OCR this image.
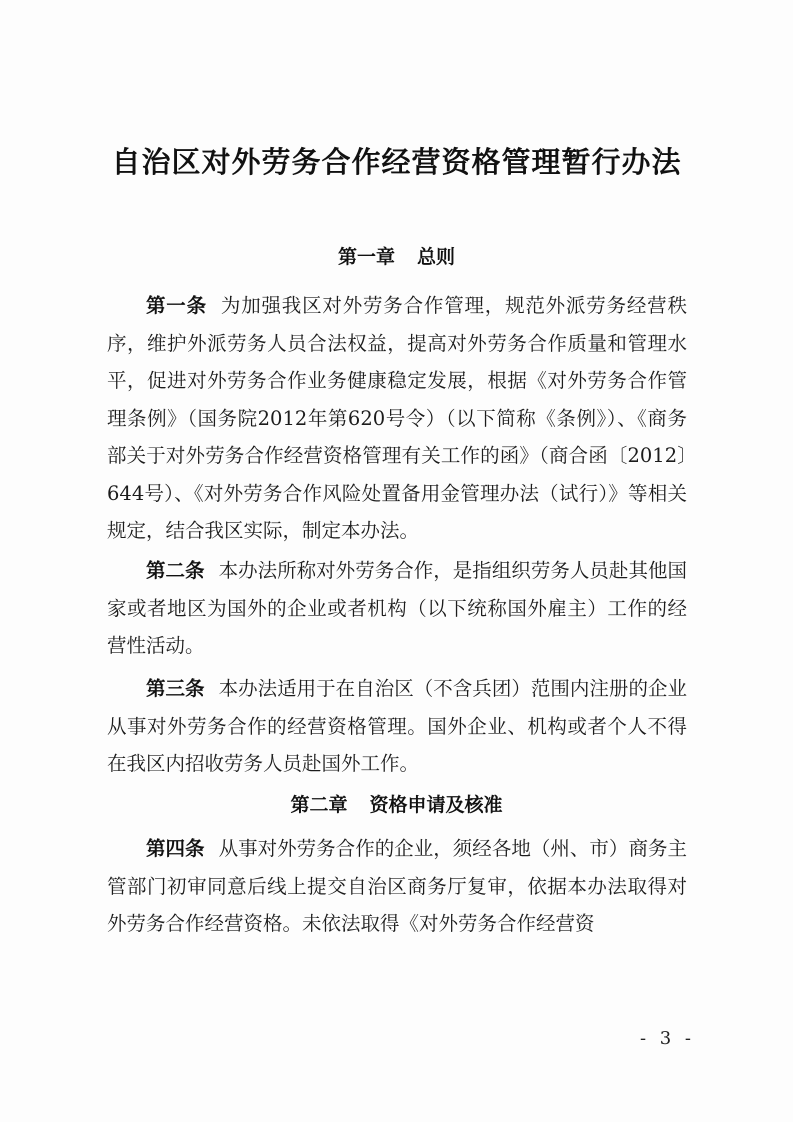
自治区对外劳务合作经营资格管理暂行办法
第一章 总则

第一条 为加强我区对外劳务合作管理，规范外派劳务经营秩序，维护外派劳务人员合法权益，提高对外劳务合作质量和管理水平，促进对外劳务合作业务健康稳定发展，根据《对外劳务合作管理条例》（国务院2012年第620号令）（以下简称《条例》）、《商务部关于对外劳务合作经营资格管理有关工作的函》（商合函〔2012〕644号）、《对外劳务合作风险处置备用金管理办法（试行）》等相关规定，结合我区实际，制定本办法。

第二条 本办法所称对外劳务合作，是指组织劳务人员赴其他国家或者地区为国外的企业或者机构（以下统称国外雇主）工作的经营性活动。

第三条 本办法适用于在自治区（不含兵团）范围内注册的企业从事对外劳务合作的经营资格管理。国外企业、机构或者个人不得在我区内招收劳务人员赴国外工作。

第二章 资格申请及核准

第四条 从事对外劳务合作的企业，须经各地（州、市）商务主管部门初审同意后线上提交自治区商务厅复审，依据本办法取得对外劳务合作经营资格。未依法取得《对外劳务合作经营资

- 3 -
